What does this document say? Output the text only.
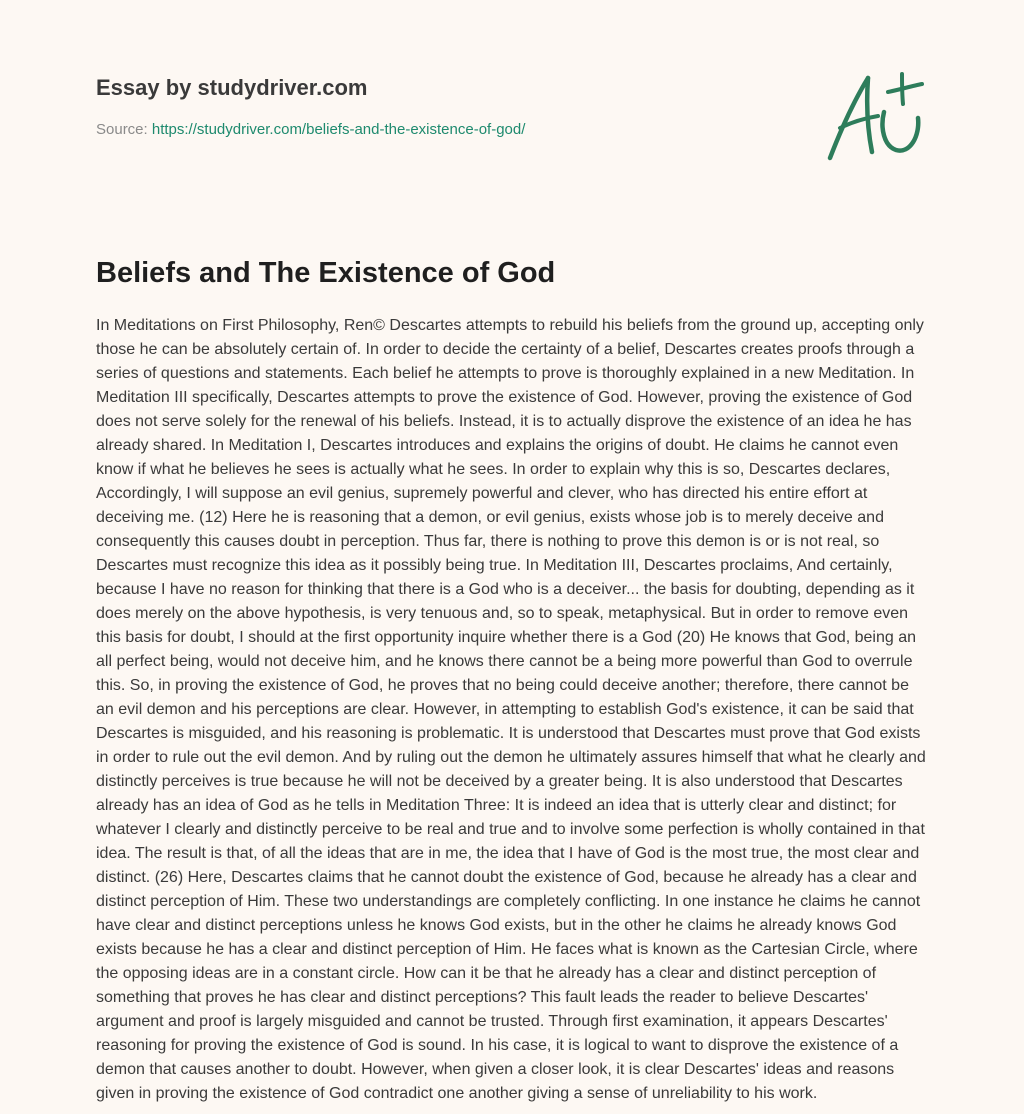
Essay by studydriver.com
Source: https://studydriver.com/beliefs-and-the-existence-of-god/
Beliefs and The Existence of God

In Meditations on First Philosophy, Ren© Descartes attempts to rebuild his beliefs from the ground up, accepting only those he can be absolutely certain of. In order to decide the certainty of a belief, Descartes creates proofs through a series of questions and statements. Each belief he attempts to prove is thoroughly explained in a new Meditation. In Meditation III specifically, Descartes attempts to prove the existence of God. However, proving the existence of God does not serve solely for the renewal of his beliefs. Instead, it is to actually disprove the existence of an idea he has already shared. In Meditation I, Descartes introduces and explains the origins of doubt. He claims he cannot even know if what he believes he sees is actually what he sees. In order to explain why this is so, Descartes declares, Accordingly, I will suppose an evil genius, supremely powerful and clever, who has directed his entire effort at deceiving me. (12) Here he is reasoning that a demon, or evil genius, exists whose job is to merely deceive and consequently this causes doubt in perception. Thus far, there is nothing to prove this demon is or is not real, so Descartes must recognize this idea as it possibly being true. In Meditation III, Descartes proclaims, And certainly, because I have no reason for thinking that there is a God who is a deceiver... the basis for doubting, depending as it does merely on the above hypothesis, is very tenuous and, so to speak, metaphysical. But in order to remove even this basis for doubt, I should at the first opportunity inquire whether there is a God (20) He knows that God, being an all perfect being, would not deceive him, and he knows there cannot be a being more powerful than God to overrule this. So, in proving the existence of God, he proves that no being could deceive another; therefore, there cannot be an evil demon and his perceptions are clear. However, in attempting to establish God's existence, it can be said that Descartes is misguided, and his reasoning is problematic. It is understood that Descartes must prove that God exists in order to rule out the evil demon. And by ruling out the demon he ultimately assures himself that what he clearly and distinctly perceives is true because he will not be deceived by a greater being. It is also understood that Descartes already has an idea of God as he tells in Meditation Three: It is indeed an idea that is utterly clear and distinct; for whatever I clearly and distinctly perceive to be real and true and to involve some perfection is wholly contained in that idea. The result is that, of all the ideas that are in me, the idea that I have of God is the most true, the most clear and distinct. (26) Here, Descartes claims that he cannot doubt the existence of God, because he already has a clear and distinct perception of Him. These two understandings are completely conflicting. In one instance he claims he cannot have clear and distinct perceptions unless he knows God exists, but in the other he claims he already knows God exists because he has a clear and distinct perception of Him. He faces what is known as the Cartesian Circle, where the opposing ideas are in a constant circle. How can it be that he already has a clear and distinct perception of something that proves he has clear and distinct perceptions? This fault leads the reader to believe Descartes' argument and proof is largely misguided and cannot be trusted. Through first examination, it appears Descartes' reasoning for proving the existence of God is sound. In his case, it is logical to want to disprove the existence of a demon that causes another to doubt. However, when given a closer look, it is clear Descartes' ideas and reasons given in proving the existence of God contradict one another giving a sense of unreliability to his work.
